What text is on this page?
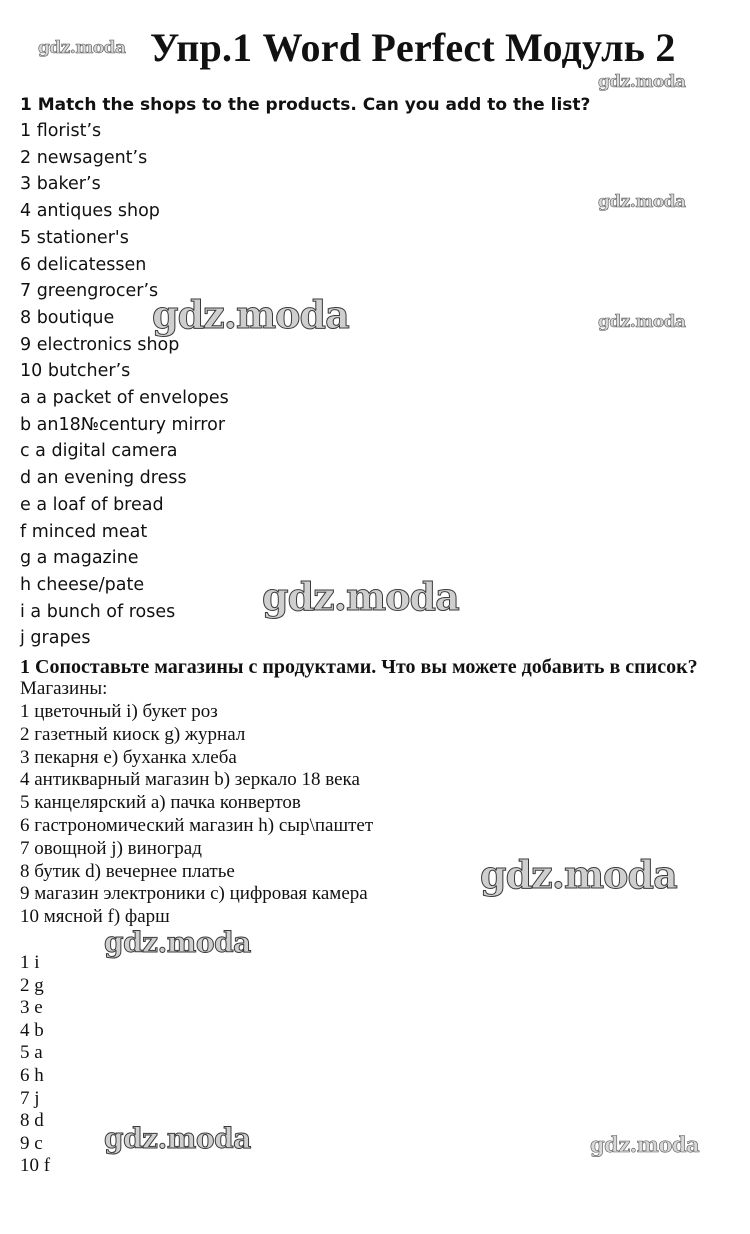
Упр.1 Word Perfect Модуль 2

1 Match the shops to the products. Can you add to the list?

1 florist’s
2 newsagent’s
3 baker’s
4 antiques shop
5 stationer's
6 delicatessen
7 greengrocer’s
8 boutique
9 electronics shop
10 butcher’s
a a packet of envelopes
b an18№century mirror
c a digital camera
d an evening dress
e a loaf of bread
f minced meat
g a magazine
h cheese/pate
i a bunch of roses
j grapes

1 Сопоставьте магазины с продуктами. Что вы можете добавить в список?

Магазины:

1 цветочный i) букет роз
2 газетный киоск g) журнал
3 пекарня e) буханка хлеба
4 антикварный магазин b) зеркало 18 века
5 канцелярский a) пачка конвертов
6 гастрономический магазин h) сыр\паштет
7 овощной j) виноград
8 бутик d) вечернее платье
9 магазин электроники c) цифровая камера
10 мясной f) фарш
1 i
2 g
3 e
4 b
5 a
6 h
7 j
8 d
9 c
10 f
gdz.moda
gdz.moda
gdz.moda
gdz.moda
gdz.moda
gdz.moda
gdz.moda
gdz.moda
gdz.moda	gdz.moda
